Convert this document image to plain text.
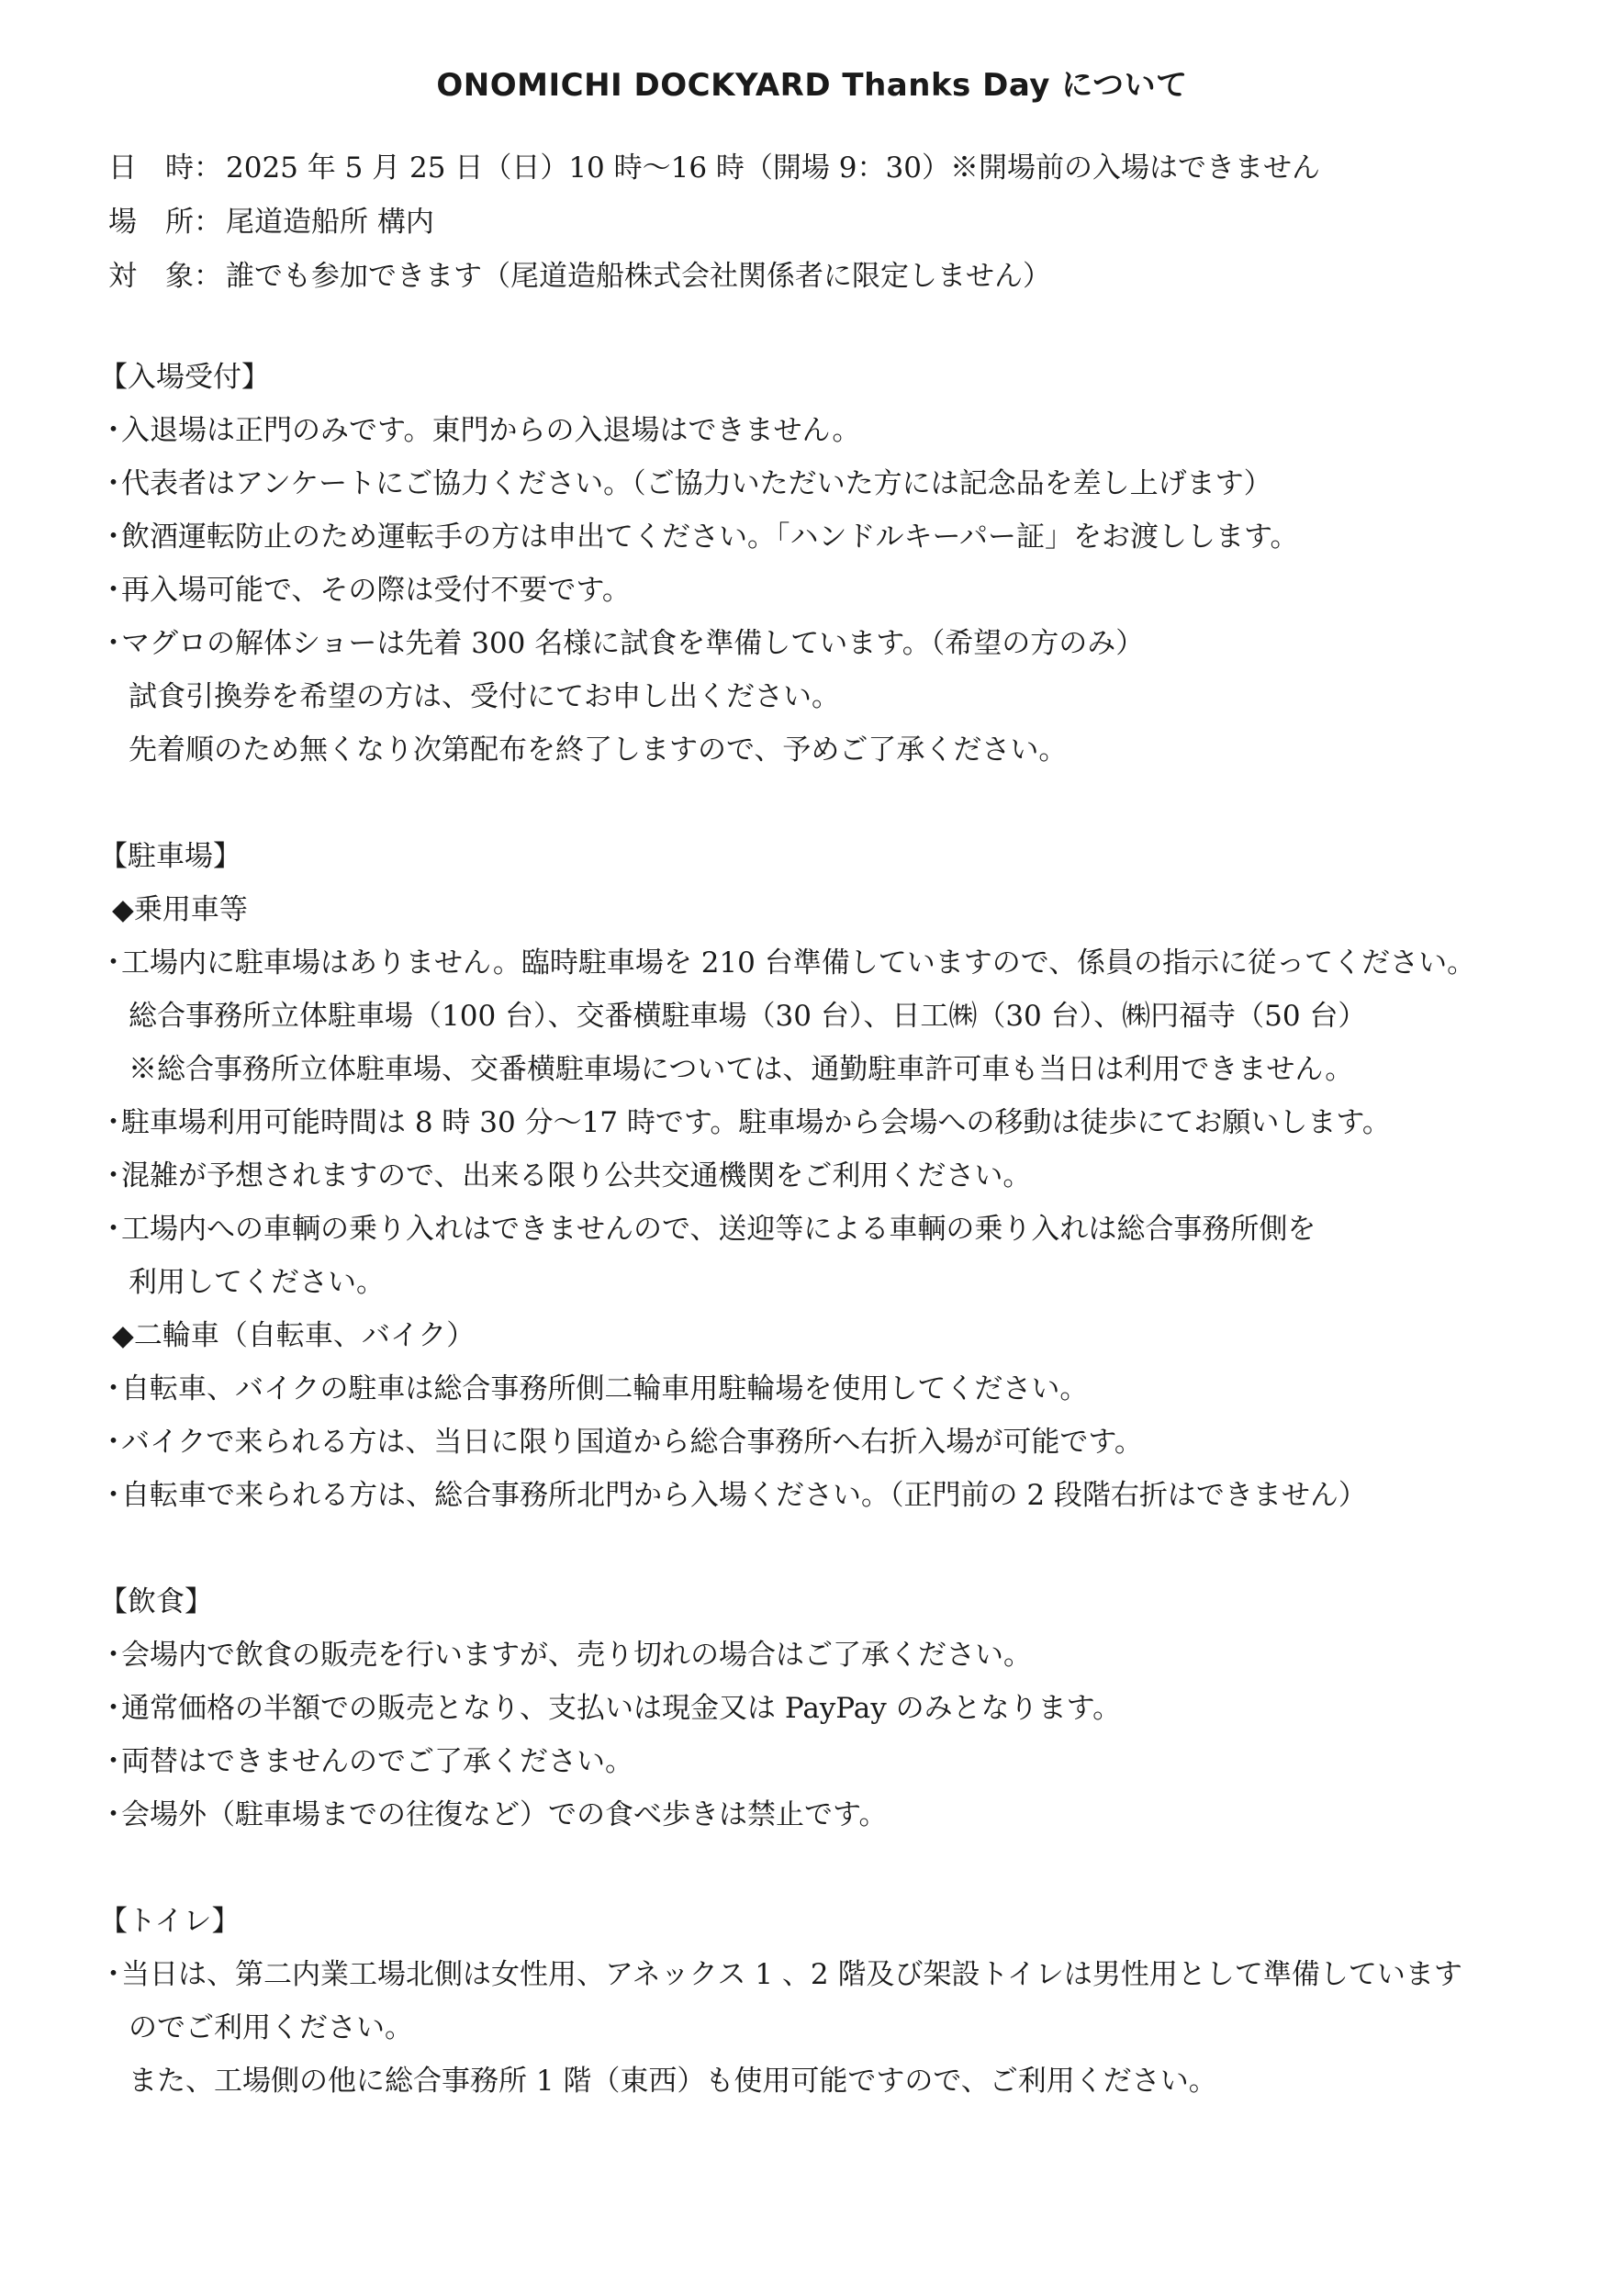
ONOMICHI DOCKYARD Thanks Day について
日　時： 2025 年 5 月 25 日（日）10 時～16 時（開場 9：30）※開場前の入場はできません
場　所： 尾道造船所 構内
対　象： 誰でも参加できます（尾道造船株式会社関係者に限定しません）
【入場受付】
・
入退場は正門のみです。東門からの入退場はできません。
・
代表者はアンケートにご協力ください。（ご協力いただいた方には記念品を差し上げます）
・
飲酒運転防止のため運転手の方は申出てください。「ハンドルキーパー証」をお渡しします。
・
再入場可能で、その際は受付不要です。
・
マグロの解体ショーは先着 300 名様に試食を準備しています。（希望の方のみ）
試食引換券を希望の方は、受付にてお申し出ください。
先着順のため無くなり次第配布を終了しますので、予めご了承ください。
【駐車場】
◆乗用車等
・
工場内に駐車場はありません。臨時駐車場を 210 台準備していますので、係員の指示に従ってください。
総合事務所立体駐車場（100 台）、交番横駐車場（30 台）、日工㈱（30 台）、㈱円福寺（50 台）
※総合事務所立体駐車場、交番横駐車場については、通勤駐車許可車も当日は利用できません。
・
駐車場利用可能時間は 8 時 30 分～17 時です。駐車場から会場への移動は徒歩にてお願いします。
・
混雑が予想されますので、出来る限り公共交通機関をご利用ください。
・
工場内への車輌の乗り入れはできませんので、送迎等による車輌の乗り入れは総合事務所側を
利用してください。
◆二輪車（自転車、バイク）
・
自転車、バイクの駐車は総合事務所側二輪車用駐輪場を使用してください。
・
バイクで来られる方は、当日に限り国道から総合事務所へ右折入場が可能です。
・
自転車で来られる方は、総合事務所北門から入場ください。（正門前の 2 段階右折はできません）
【飲食】
・
会場内で飲食の販売を行いますが、売り切れの場合はご了承ください。
・
通常価格の半額での販売となり、支払いは現金又は PayPay のみとなります。
・
両替はできませんのでご了承ください。
・
会場外（駐車場までの往復など）での食べ歩きは禁止です。
【トイレ】
・
当日は、第二内業工場北側は女性用、アネックス 1 、2 階及び架設トイレは男性用として準備しています
のでご利用ください。
また、工場側の他に総合事務所 1 階（東西）も使用可能ですので、ご利用ください。
